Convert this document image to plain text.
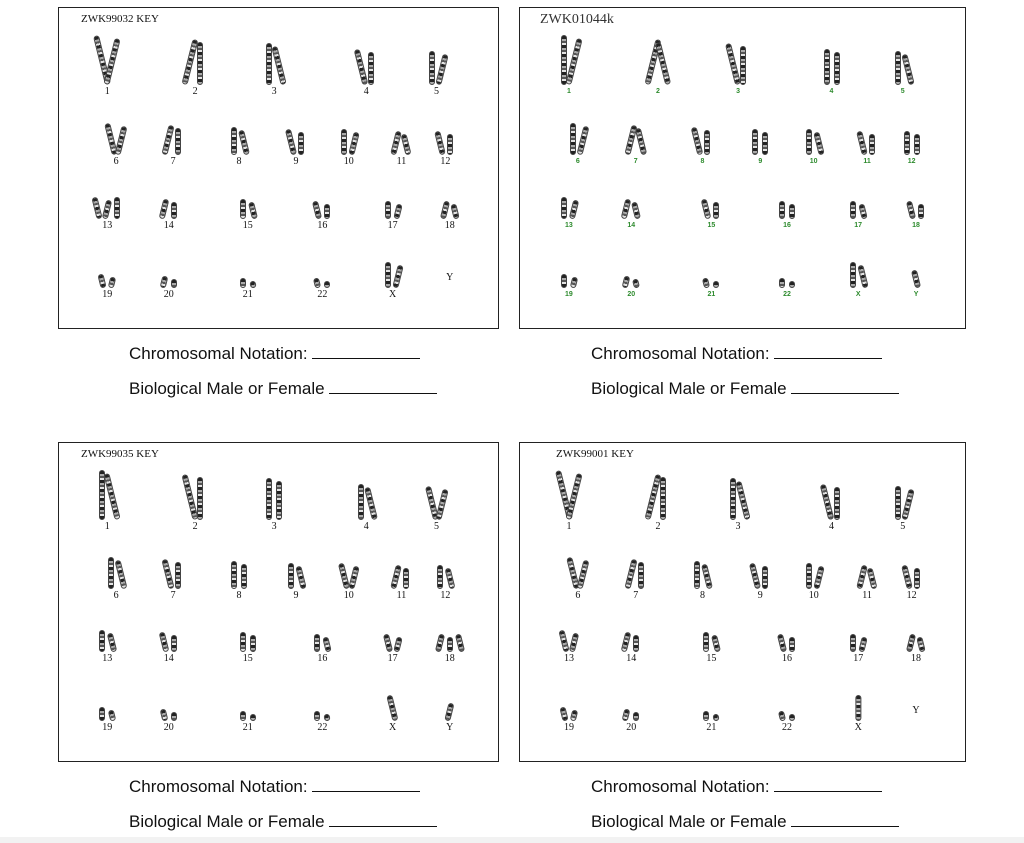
ZWK99032 KEY
1	2	3	4	5
6	7	8	9	10	11	12
13	14	15	16	17	18
19	20	21	22	X
Y
Chromosomal Notation:
Biological Male or Female
ZWK01044k
1	2	3	4	5
6	7	8	9	10	11	12
13	14	15	16	17	18
19	20	21	22	X	Y
Chromosomal Notation:
Biological Male or Female
ZWK99035 KEY
1	2	3	4	5
6	7	8	9	10	11	12
13	14	15	16	17	18
19	20	21	22	X	Y
Chromosomal Notation:
Biological Male or Female
ZWK99001 KEY
1	2	3	4	5
6	7	8	9	10	11	12
13	14	15	16	17	18
19	20	21	22	X
Y
Chromosomal Notation:
Biological Male or Female
